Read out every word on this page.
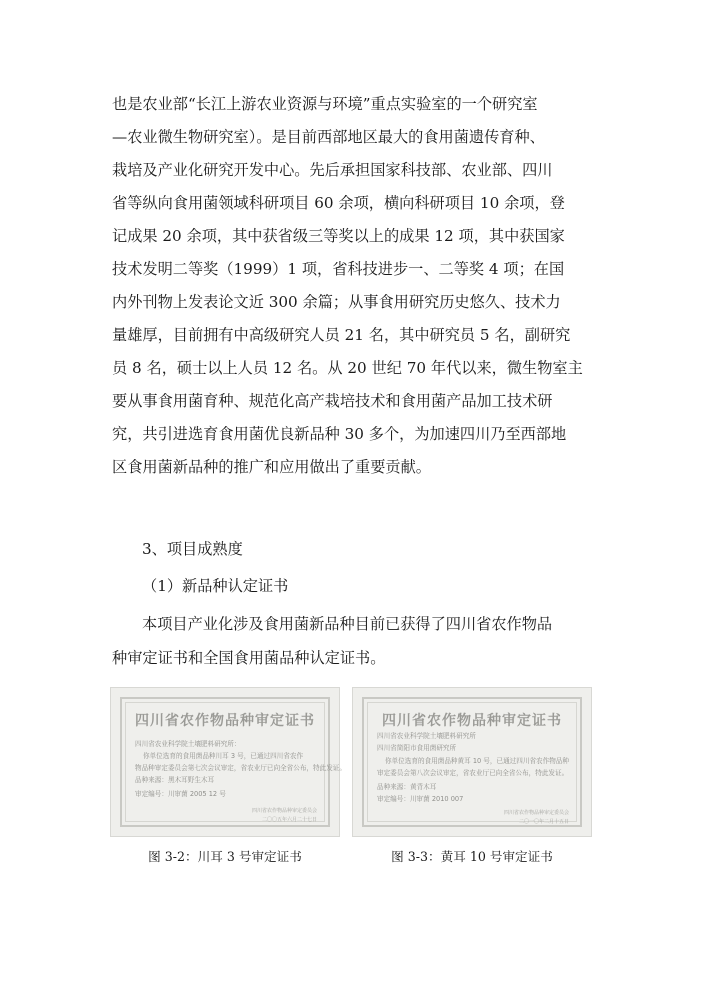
也是农业部“长江上游农业资源与环境”重点实验室的一个研究室
—农业微生物研究室）。是目前西部地区最大的食用菌遗传育种、
栽培及产业化研究开发中心。先后承担国家科技部、农业部、四川
省等纵向食用菌领域科研项目 60 余项，横向科研项目 10 余项，登
记成果 20 余项，其中获省级三等奖以上的成果 12 项，其中获国家
技术发明二等奖（1999）1 项，省科技进步一、二等奖 4 项；在国
内外刊物上发表论文近 300 余篇；从事食用研究历史悠久、技术力
量雄厚，目前拥有中高级研究人员 21 名，其中研究员 5 名，副研究
员 8 名，硕士以上人员 12 名。从 20 世纪 70 年代以来，微生物室主
要从事食用菌育种、规范化高产栽培技术和食用菌产品加工技术研
究，共引进选育食用菌优良新品种 30 多个，为加速四川乃至西部地
区食用菌新品种的推广和应用做出了重要贡献。
3、项目成熟度
（1）新品种认定证书
本项目产业化涉及食用菌新品种目前已获得了四川省农作物品
种审定证书和全国食用菌品种认定证书。
四川省农作物品种审定证书
四川省农业科学院土壤肥料研究所：
你单位选育的食用菌品种川耳 3 号，已通过四川省农作
物品种审定委员会第七次会议审定，省农业厅已向全省公布，特此发证。
品种来源：黑木耳野生木耳
审定编号：川审菌 2005 12 号
四川省农作物品种审定委员会
二〇〇五年六月二十七日
四川省农作物品种审定证书
四川省农业科学院土壤肥料研究所
四川省简阳市食用菌研究所
你单位选育的食用菌品种黄耳 10 号，已通过四川省农作物品种
审定委员会第八次会议审定，省农业厅已向全省公布，特此发证。
品种来源：黄背木耳
审定编号：川审菌 2010 007
四川省农作物品种审定委员会
二〇一〇年二月十五日
图 3-2：川耳 3 号审定证书	图 3-3：黄耳 10 号审定证书
